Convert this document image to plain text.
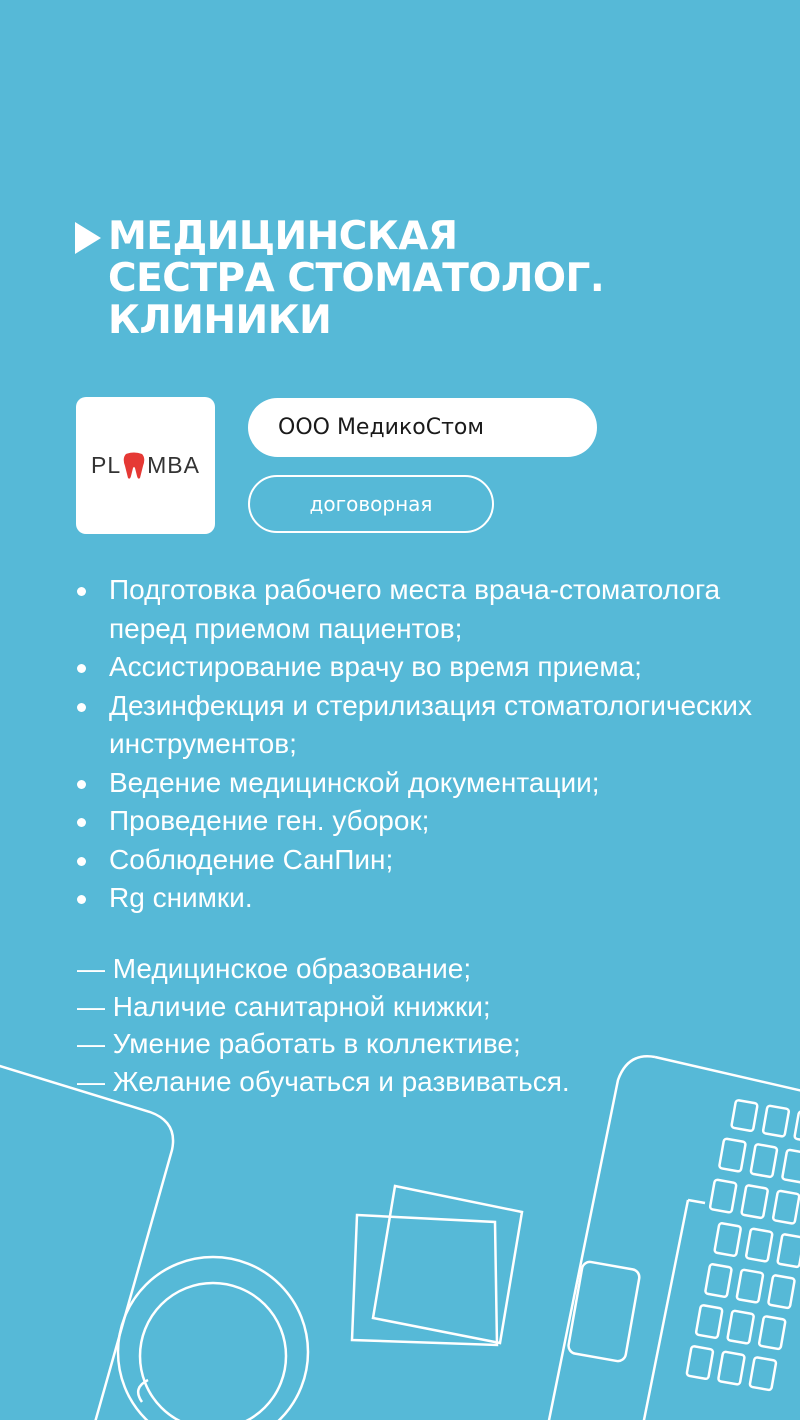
МЕДИЦИНСКАЯ
СЕСТРА СТОМАТОЛОГ.
КЛИНИКИ
PL MBA
ООО МедикоСтом
договорная
Подготовка рабочего места врача-стоматолога перед приемом пациентов;
Ассистирование врачу во время приема;
Дезинфекция и стерилизация стоматологических инструментов;
Ведение медицинской документации;
Проведение ген. уборок;
Соблюдение СанПин;
Rg снимки.
— Медицинское образование;
— Наличие санитарной книжки;
— Умение работать в коллективе;
— Желание обучаться и развиваться.
